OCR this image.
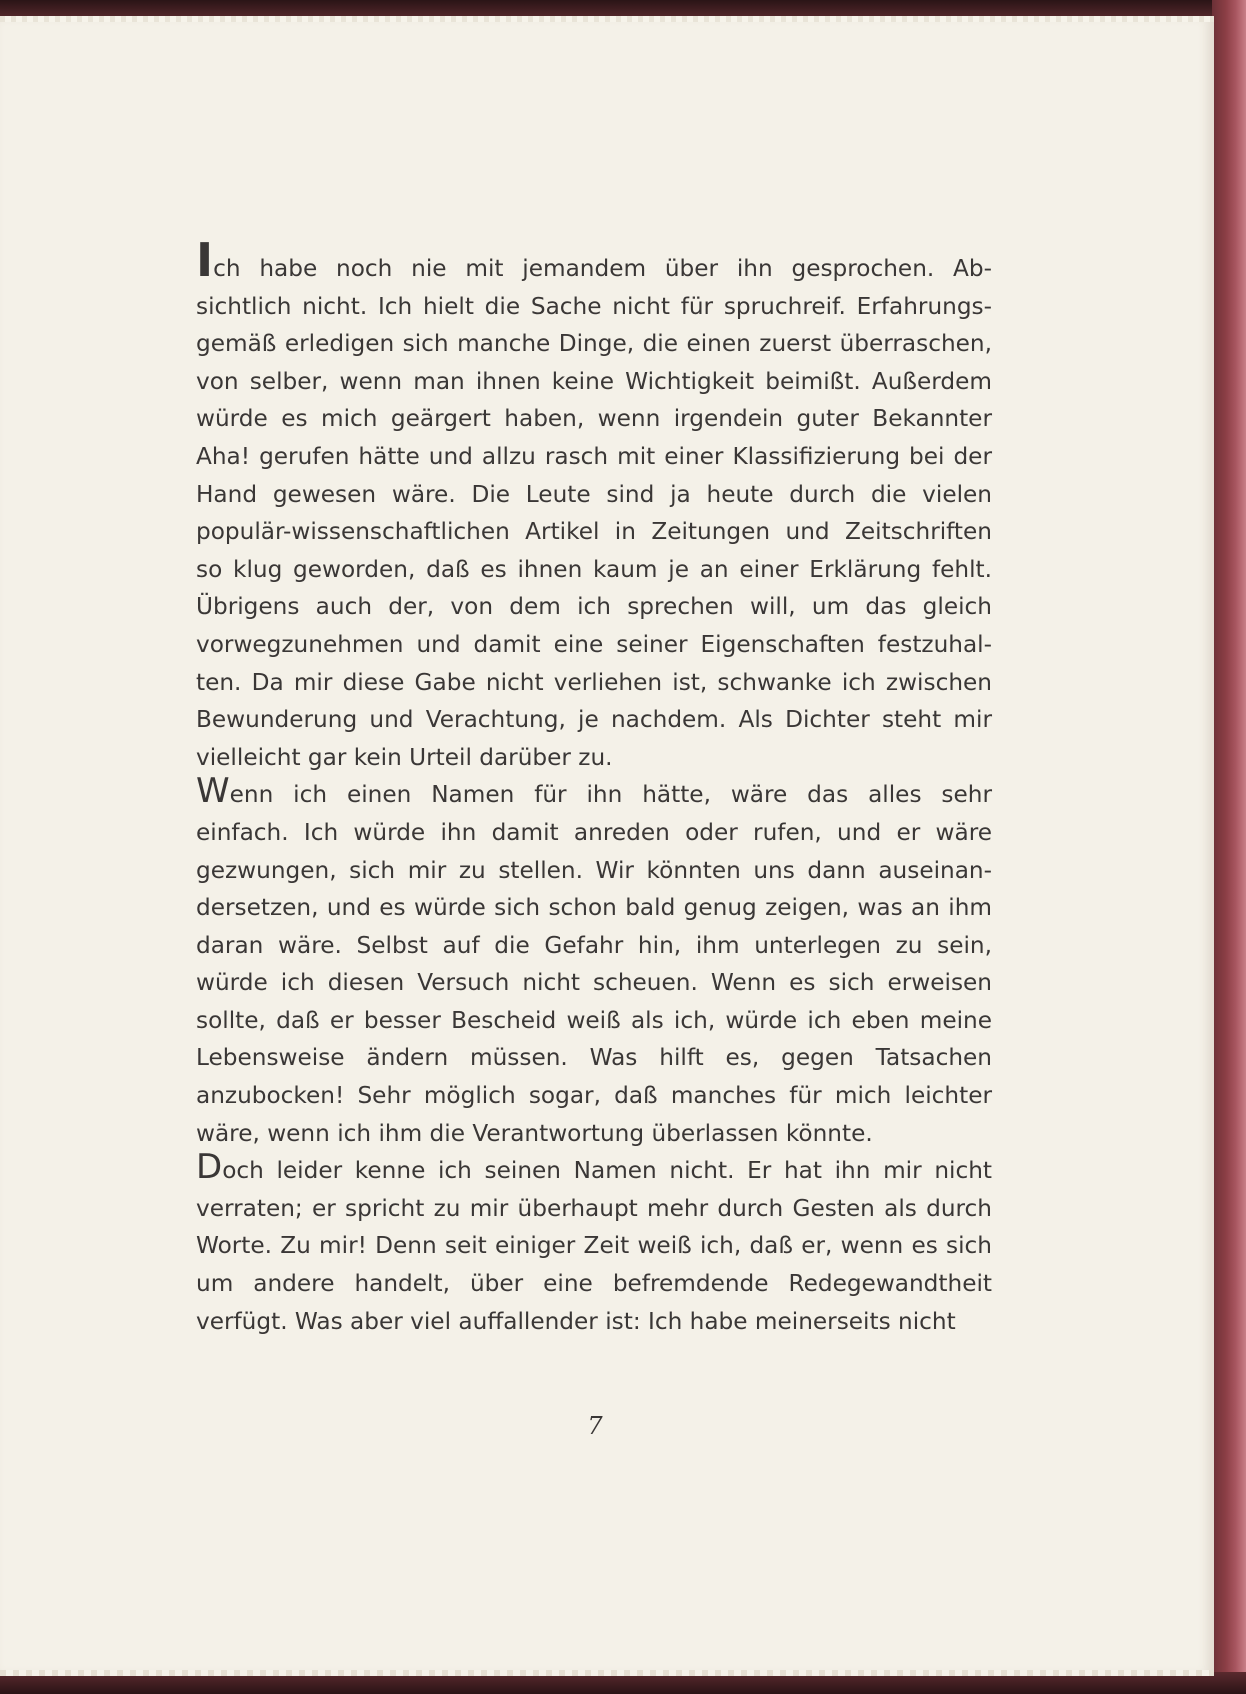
Ich habe noch nie mit jemandem über ihn gesprochen. Ab-
sichtlich nicht. Ich hielt die Sache nicht für spruchreif. Erfahrungs-
gemäß erledigen sich manche Dinge, die einen zuerst überraschen,
von selber, wenn man ihnen keine Wichtigkeit beimißt. Außerdem
würde es mich geärgert haben, wenn irgendein guter Bekannter
Aha! gerufen hätte und allzu rasch mit einer Klassifizierung bei der
Hand gewesen wäre. Die Leute sind ja heute durch die vielen
populär-wissenschaftlichen Artikel in Zeitungen und Zeitschriften
so klug geworden, daß es ihnen kaum je an einer Erklärung fehlt.
Übrigens auch der, von dem ich sprechen will, um das gleich
vorwegzunehmen und damit eine seiner Eigenschaften festzuhal-
ten. Da mir diese Gabe nicht verliehen ist, schwanke ich zwischen
Bewunderung und Verachtung, je nachdem. Als Dichter steht mir
vielleicht gar kein Urteil darüber zu.
Wenn ich einen Namen für ihn hätte, wäre das alles sehr
einfach. Ich würde ihn damit anreden oder rufen, und er wäre
gezwungen, sich mir zu stellen. Wir könnten uns dann auseinan-
dersetzen, und es würde sich schon bald genug zeigen, was an ihm
daran wäre. Selbst auf die Gefahr hin, ihm unterlegen zu sein,
würde ich diesen Versuch nicht scheuen. Wenn es sich erweisen
sollte, daß er besser Bescheid weiß als ich, würde ich eben meine
Lebensweise ändern müssen. Was hilft es, gegen Tatsachen
anzubocken! Sehr möglich sogar, daß manches für mich leichter
wäre, wenn ich ihm die Verantwortung überlassen könnte.
Doch leider kenne ich seinen Namen nicht. Er hat ihn mir nicht
verraten; er spricht zu mir überhaupt mehr durch Gesten als durch
Worte. Zu mir! Denn seit einiger Zeit weiß ich, daß er, wenn es sich
um andere handelt, über eine befremdende Redegewandtheit
verfügt. Was aber viel auffallender ist: Ich habe meinerseits nicht
7
